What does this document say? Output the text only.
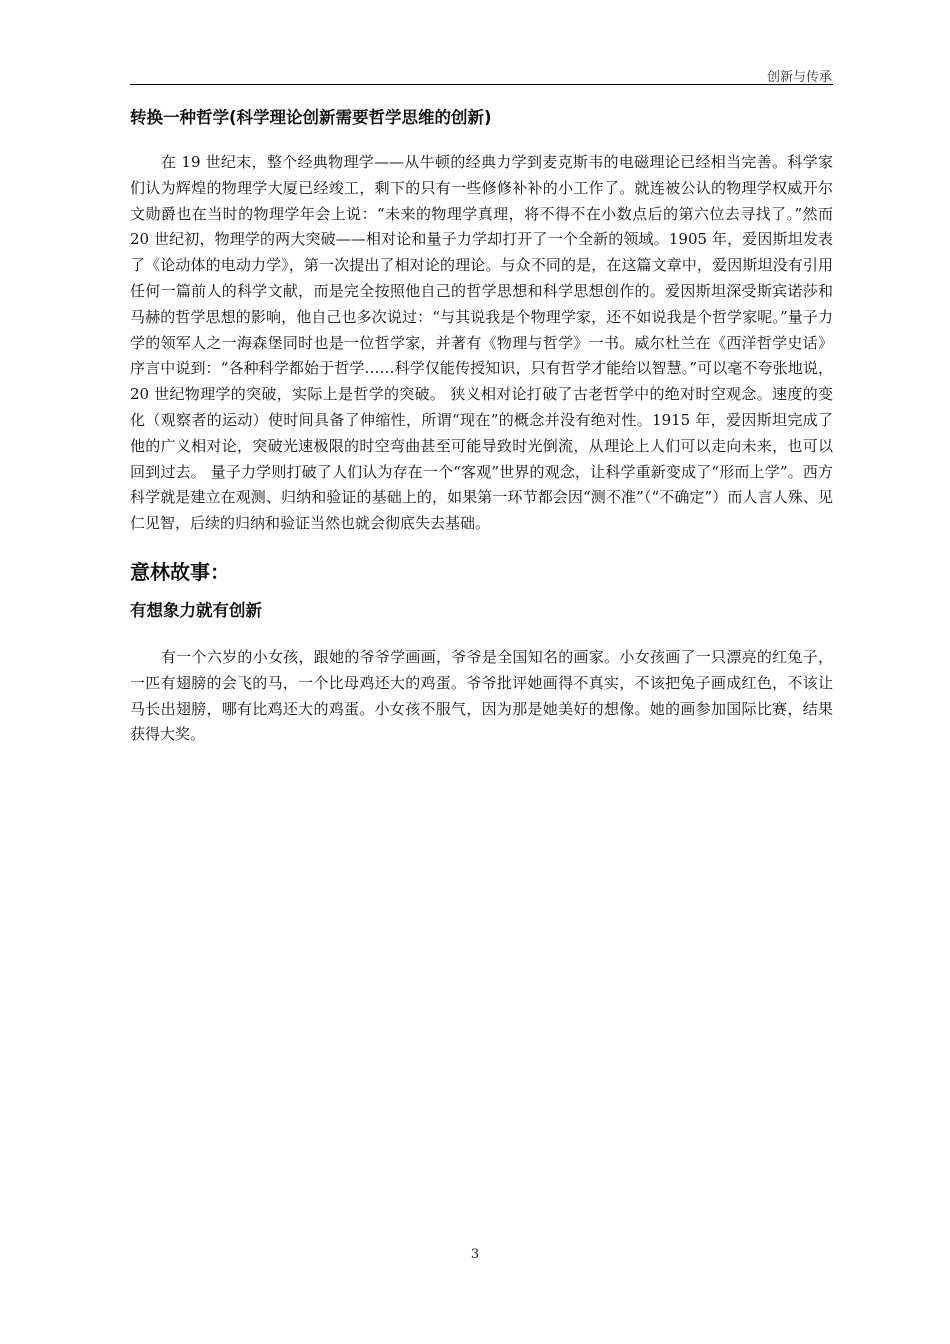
创新与传承
转换一种哲学(科学理论创新需要哲学思维的创新)

在 19 世纪末，整个经典物理学——从牛顿的经典力学到麦克斯韦的电磁理论已经相当完善。科学家们认为辉煌的物理学大厦已经竣工，剩下的只有一些修修补补的小工作了。就连被公认的物理学权威开尔文勋爵也在当时的物理学年会上说：“未来的物理学真理，将不得不在小数点后的第六位去寻找了。”然而 20 世纪初，物理学的两大突破——相对论和量子力学却打开了一个全新的领域。1905 年，爱因斯坦发表了《论动体的电动力学》，第一次提出了相对论的理论。与众不同的是，在这篇文章中，爱因斯坦没有引用任何一篇前人的科学文献，而是完全按照他自己的哲学思想和科学思想创作的。爱因斯坦深受斯宾诺莎和马赫的哲学思想的影响，他自己也多次说过：“与其说我是个物理学家，还不如说我是个哲学家呢。”量子力学的领军人之一海森堡同时也是一位哲学家，并著有《物理与哲学》一书。威尔杜兰在《西洋哲学史话》序言中说到：“各种科学都始于哲学……科学仅能传授知识，只有哲学才能给以智慧。”可以毫不夸张地说，20 世纪物理学的突破，实际上是哲学的突破。 狭义相对论打破了古老哲学中的绝对时空观念。速度的变化（观察者的运动）使时间具备了伸缩性，所谓“现在”的概念并没有绝对性。1915 年，爱因斯坦完成了他的广义相对论，突破光速极限的时空弯曲甚至可能导致时光倒流，从理论上人们可以走向未来，也可以回到过去。 量子力学则打破了人们认为存在一个“客观”世界的观念，让科学重新变成了“形而上学”。西方科学就是建立在观测、归纳和验证的基础上的，如果第一环节都会因“测不准”（“不确定”）而人言人殊、见仁见智，后续的归纳和验证当然也就会彻底失去基础。

意林故事：
有想象力就有创新

有一个六岁的小女孩，跟她的爷爷学画画，爷爷是全国知名的画家。小女孩画了一只漂亮的红兔子，一匹有翅膀的会飞的马，一个比母鸡还大的鸡蛋。爷爷批评她画得不真实，不该把兔子画成红色，不该让马长出翅膀，哪有比鸡还大的鸡蛋。小女孩不服气，因为那是她美好的想像。她的画参加国际比赛，结果获得大奖。

3
